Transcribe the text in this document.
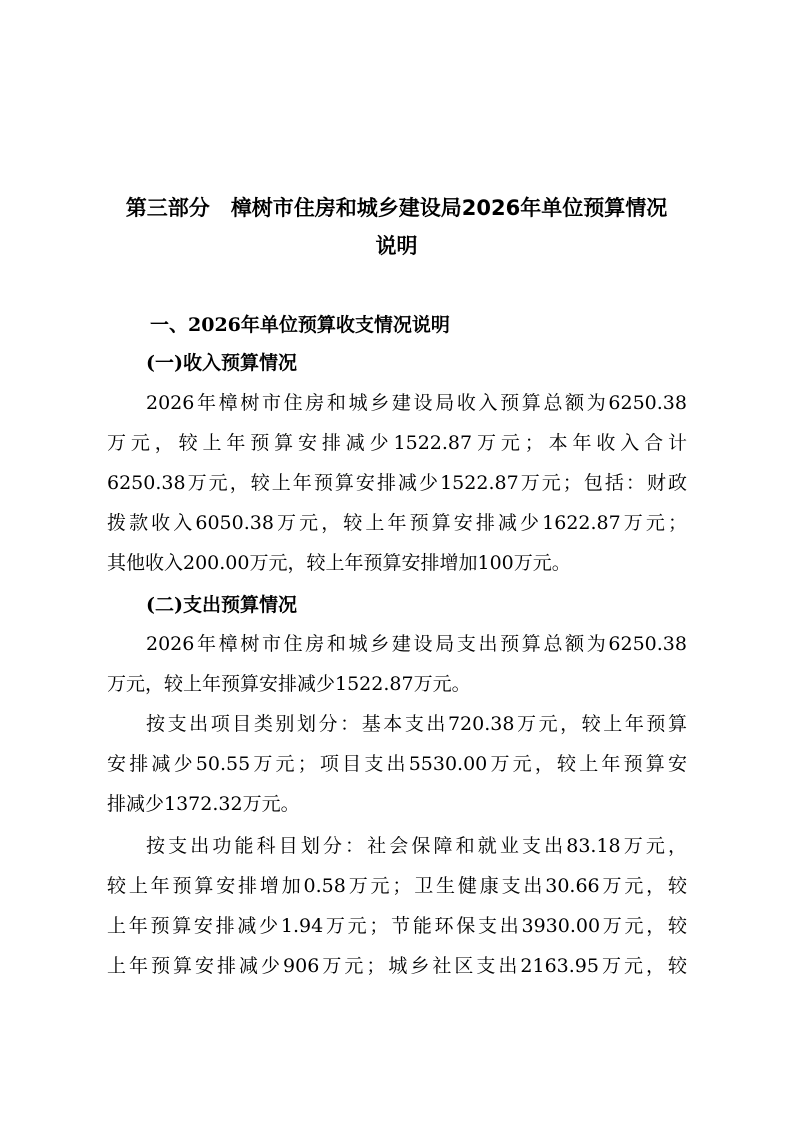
第三部分　樟树市住房和城乡建设局2026年单位预算情况

说明

一、2026年单位预算收支情况说明

(一)收入预算情况

2026年樟树市住房和城乡建设局收入预算总额为6250.38

万元，较上年预算安排减少1522.87万元；本年收入合计

6250.38万元，较上年预算安排减少1522.87万元；包括：财政

拨款收入6050.38万元，较上年预算安排减少1622.87万元；

其他收入200.00万元，较上年预算安排增加100万元。

(二)支出预算情况

2026年樟树市住房和城乡建设局支出预算总额为6250.38

万元，较上年预算安排减少1522.87万元。

按支出项目类别划分：基本支出720.38万元，较上年预算

安排减少50.55万元；项目支出5530.00万元，较上年预算安

排减少1372.32万元。

按支出功能科目划分：社会保障和就业支出83.18万元，

较上年预算安排增加0.58万元；卫生健康支出30.66万元，较

上年预算安排减少1.94万元；节能环保支出3930.00万元，较

上年预算安排减少906万元；城乡社区支出2163.95万元，较
